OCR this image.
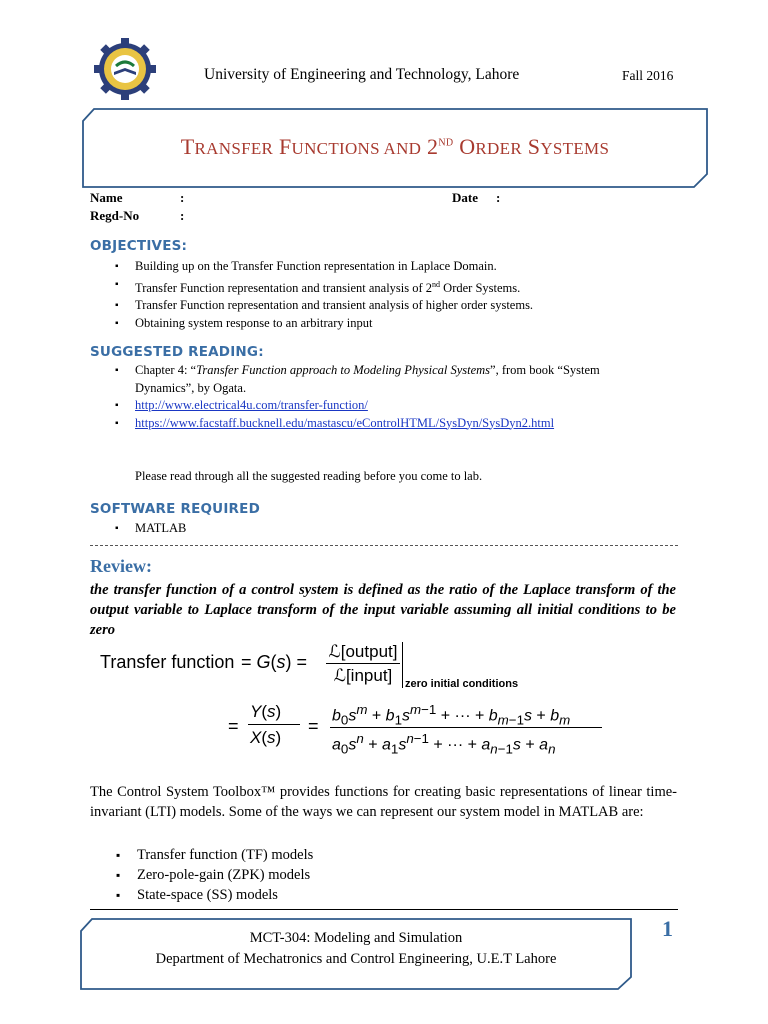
University of Engineering and Technology, Lahore	Fall 2016
TRANSFER FUNCTIONS AND 2ND ORDER SYSTEMS
Name	:	Date :
Regd-No	:
OBJECTIVES:
▪ Building up on the Transfer Function representation in Laplace Domain.
▪ Transfer Function representation and transient analysis of 2nd Order Systems.
▪ Transfer Function representation and transient analysis of higher order systems.
▪ Obtaining system response to an arbitrary input
SUGGESTED READING:
▪ Chapter 4: “Transfer Function approach to Modeling Physical Systems”, from book “System Dynamics”, by Ogata.
▪ http://www.electrical4u.com/transfer-function/
▪ https://www.facstaff.bucknell.edu/mastascu/eControlHTML/SysDyn/SysDyn2.html
Please read through all the suggested reading before you come to lab.
SOFTWARE REQUIRED
▪ MATLAB
Review:
the transfer function of a control system is defined as the ratio of the Laplace transform of the output variable to Laplace transform of the input variable assuming all initial conditions to be zero
Transfer function = G(s) =
ℒ[output]
ℒ[input]	zero initial conditions
=
Y(s)
X(s)
=
$b_0s^m + b_1s^{m-1}$ + ··· + $b_{m-1}s + b_m$
$a_0s^n + a_1s^{n-1}$ + ··· + $a_{n-1}s + a_n$
The Control System Toolbox™ provides functions for creating basic representations of linear time-invariant (LTI) models. Some of the ways we can represent our system model in MATLAB are:
▪ Transfer function (TF) models
▪ Zero-pole-gain (ZPK) models
▪ State-space (SS) models
MCT-304: Modeling and Simulation
Department of Mechatronics and Control Engineering, U.E.T Lahore
1
